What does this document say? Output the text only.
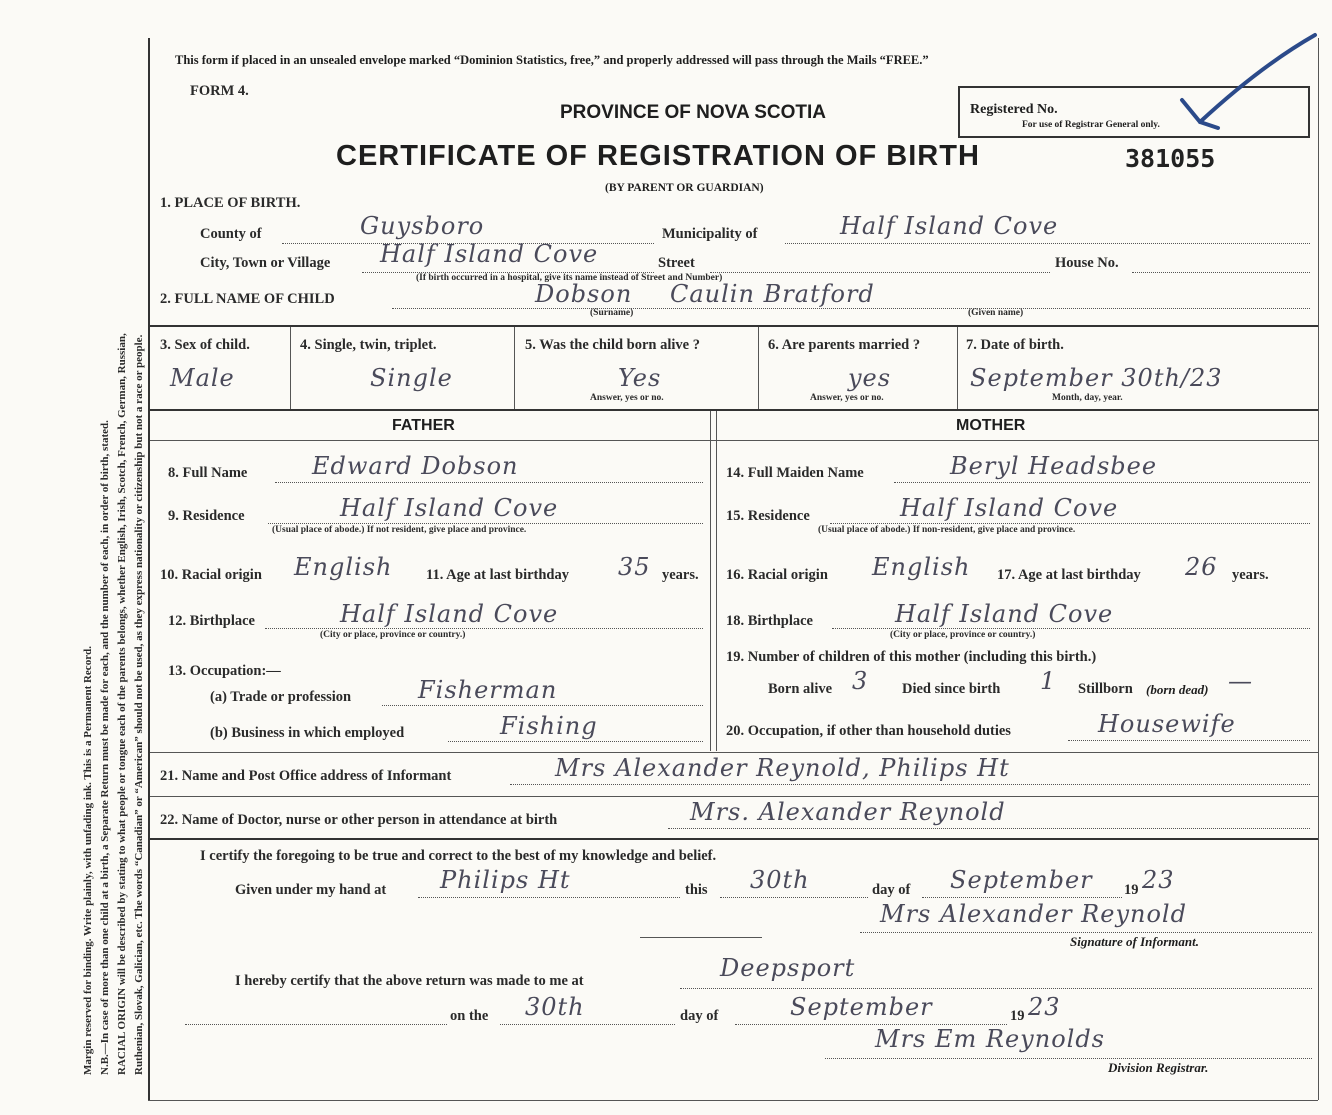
Margin reserved for binding. Write plainly, with unfading ink. This is a Permanent Record. N.B.—In case of more than one child at a birth, a Separate Return must be made for each, and the number of each, in order of birth, stated. RACIAL ORIGIN will be described by stating to what people or tongue each of the parents belongs, whether English, Irish, Scotch, French, German, Russian, Ruthenian, Slovak, Galician, etc. The words “Canadian” or “American” should not be used, as they express nationality or citizenship but not a race or people.
This form if placed in an unsealed envelope marked “Dominion Statistics, free,” and properly addressed will pass through the Mails “FREE.”
FORM 4.
PROVINCE OF NOVA SCOTIA
CERTIFICATE OF REGISTRATION OF BIRTH	381055
(BY PARENT OR GUARDIAN)
Registered No.
For use of Registrar General only.
1. PLACE OF BIRTH.
County of	Guysboro	Municipality of	Half Island Cove
City, Town or Village Half Island Cove	Street	House No.
(If birth occurred in a hospital, give its name instead of Street and Number)
2. FULL NAME OF CHILD	Dobson Caulin Bratford
(Surname)	(Given name)
3. Sex of child.
Male
4. Single, twin, triplet.
Single
5. Was the child born alive ?
Yes
Answer, yes or no.
6. Are parents married ?
yes
Answer, yes or no.
7. Date of birth.
September 30th/23
Month, day, year.
FATHER	MOTHER
8. Full Name	Edward Dobson
9. Residence	Half Island Cove
(Usual place of abode.) If not resident, give place and province.
10. Racial origin English 11. Age at last birthday 35 years.
12. Birthplace	Half Island Cove
(City or place, province or country.)
13. Occupation:—
(a) Trade or profession	Fisherman
(b) Business in which employed	Fishing
14. Full Maiden Name	Beryl Headsbee
15. Residence	Half Island Cove
(Usual place of abode.) If non-resident, give place and province.
16. Racial origin English 17. Age at last birthday 26 years.
18. Birthplace	Half Island Cove
(City or place, province or country.)
19. Number of children of this mother (including this birth.)
Born alive 3 Died since birth 1 Stillborn (born dead) —
20. Occupation, if other than household duties	Housewife
21. Name and Post Office address of Informant	Mrs Alexander Reynold, Philips Ht
22. Name of Doctor, nurse or other person in attendance at birth	Mrs. Alexander Reynold
I certify the foregoing to be true and correct to the best of my knowledge and belief.
Given under my hand at Philips Ht	this 30th	day of September 19 23
Mrs Alexander Reynold
Signature of Informant.
I hereby certify that the above return was made to me at	Deepsport
on the 30th	day of	September	19 23
Mrs Em Reynolds
Division Registrar.
